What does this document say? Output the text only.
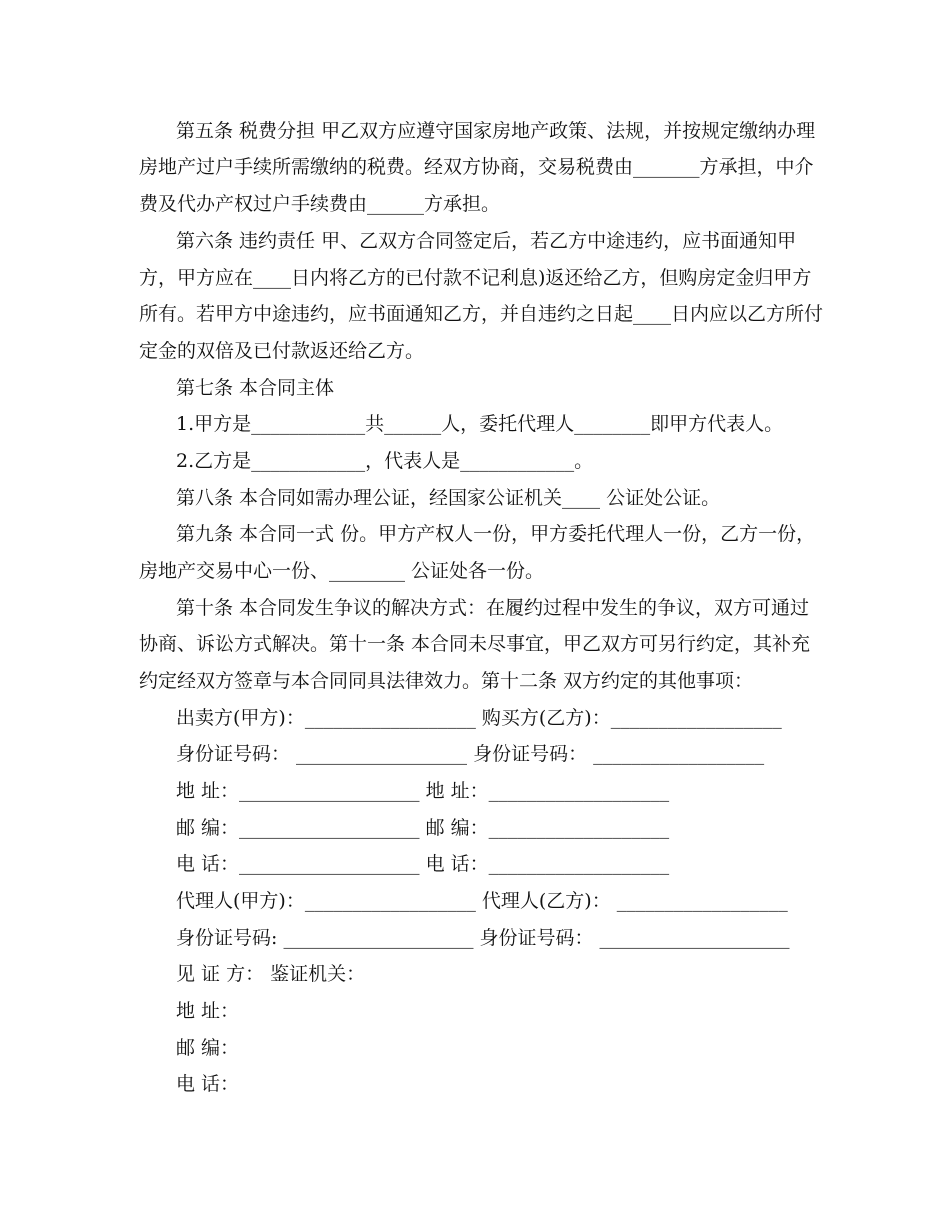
第五条 税费分担 甲乙双方应遵守国家房地产政策、法规，并按规定缴纳办理
房地产过户手续所需缴纳的税费。经双方协商，交易税费由_______方承担，中介
费及代办产权过户手续费由______方承担。
第六条 违约责任 甲、乙双方合同签定后，若乙方中途违约，应书面通知甲
方，甲方应在____日内将乙方的已付款不记利息)返还给乙方，但购房定金归甲方
所有。若甲方中途违约，应书面通知乙方，并自违约之日起____日内应以乙方所付
定金的双倍及已付款返还给乙方。
第七条 本合同主体
1.甲方是____________共______人，委托代理人________即甲方代表人。
2.乙方是____________，代表人是____________。
第八条 本合同如需办理公证，经国家公证机关____ 公证处公证。
第九条 本合同一式 份。甲方产权人一份，甲方委托代理人一份，乙方一份，
房地产交易中心一份、________ 公证处各一份。
第十条 本合同发生争议的解决方式：在履约过程中发生的争议，双方可通过
协商、诉讼方式解决。第十一条 本合同未尽事宜，甲乙双方可另行约定，其补充
约定经双方签章与本合同同具法律效力。第十二条 双方约定的其他事项：
出卖方(甲方)：__________________ 购买方(乙方)：__________________
身份证号码： __________________ 身份证号码： __________________
地 址：___________________ 地 址：___________________
邮 编：___________________ 邮 编：___________________
电 话：___________________ 电 话：___________________
代理人(甲方)：__________________ 代理人(乙方)： __________________
身份证号码: ____________________ 身份证号码： ____________________
见 证 方： 鉴证机关：
地 址：
邮 编：
电 话：
